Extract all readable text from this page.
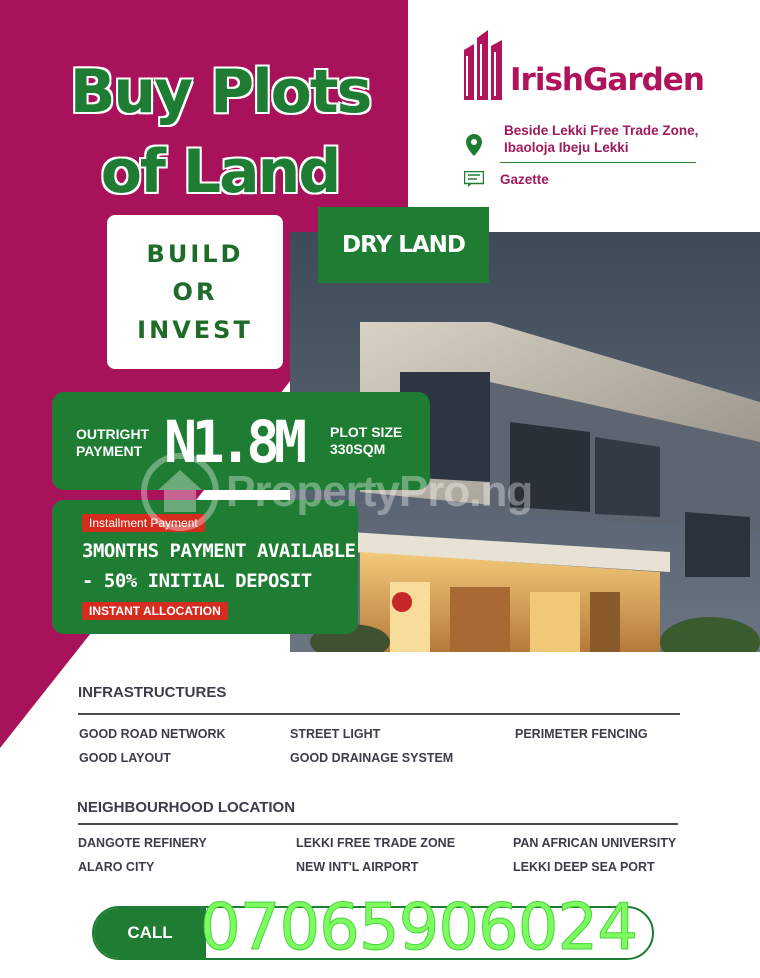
Buy Plots
of Land
BUILD
OR
INVEST
DRY LAND
IrishGarden
Beside Lekki Free Trade Zone,
Ibaoloja Ibeju Lekki
Gazette
OUTRIGHT
PAYMENT N1.8M PLOT SIZE
330SQM
Installment Payment
3MONTHS PAYMENT AVAILABLE
- 50% INITIAL DEPOSIT
INSTANT ALLOCATION
PropertyPro.ng
INFRASTRUCTURES
GOOD ROAD NETWORK	STREET LIGHT	PERIMETER FENCING
GOOD LAYOUT	GOOD DRAINAGE SYSTEM
NEIGHBOURHOOD LOCATION
DANGOTE REFINERY	LEKKI FREE TRADE ZONE	PAN AFRICAN UNIVERSITY
ALARO CITY	NEW INT'L AIRPORT	LEKKI DEEP SEA PORT
CALL 07065906024
